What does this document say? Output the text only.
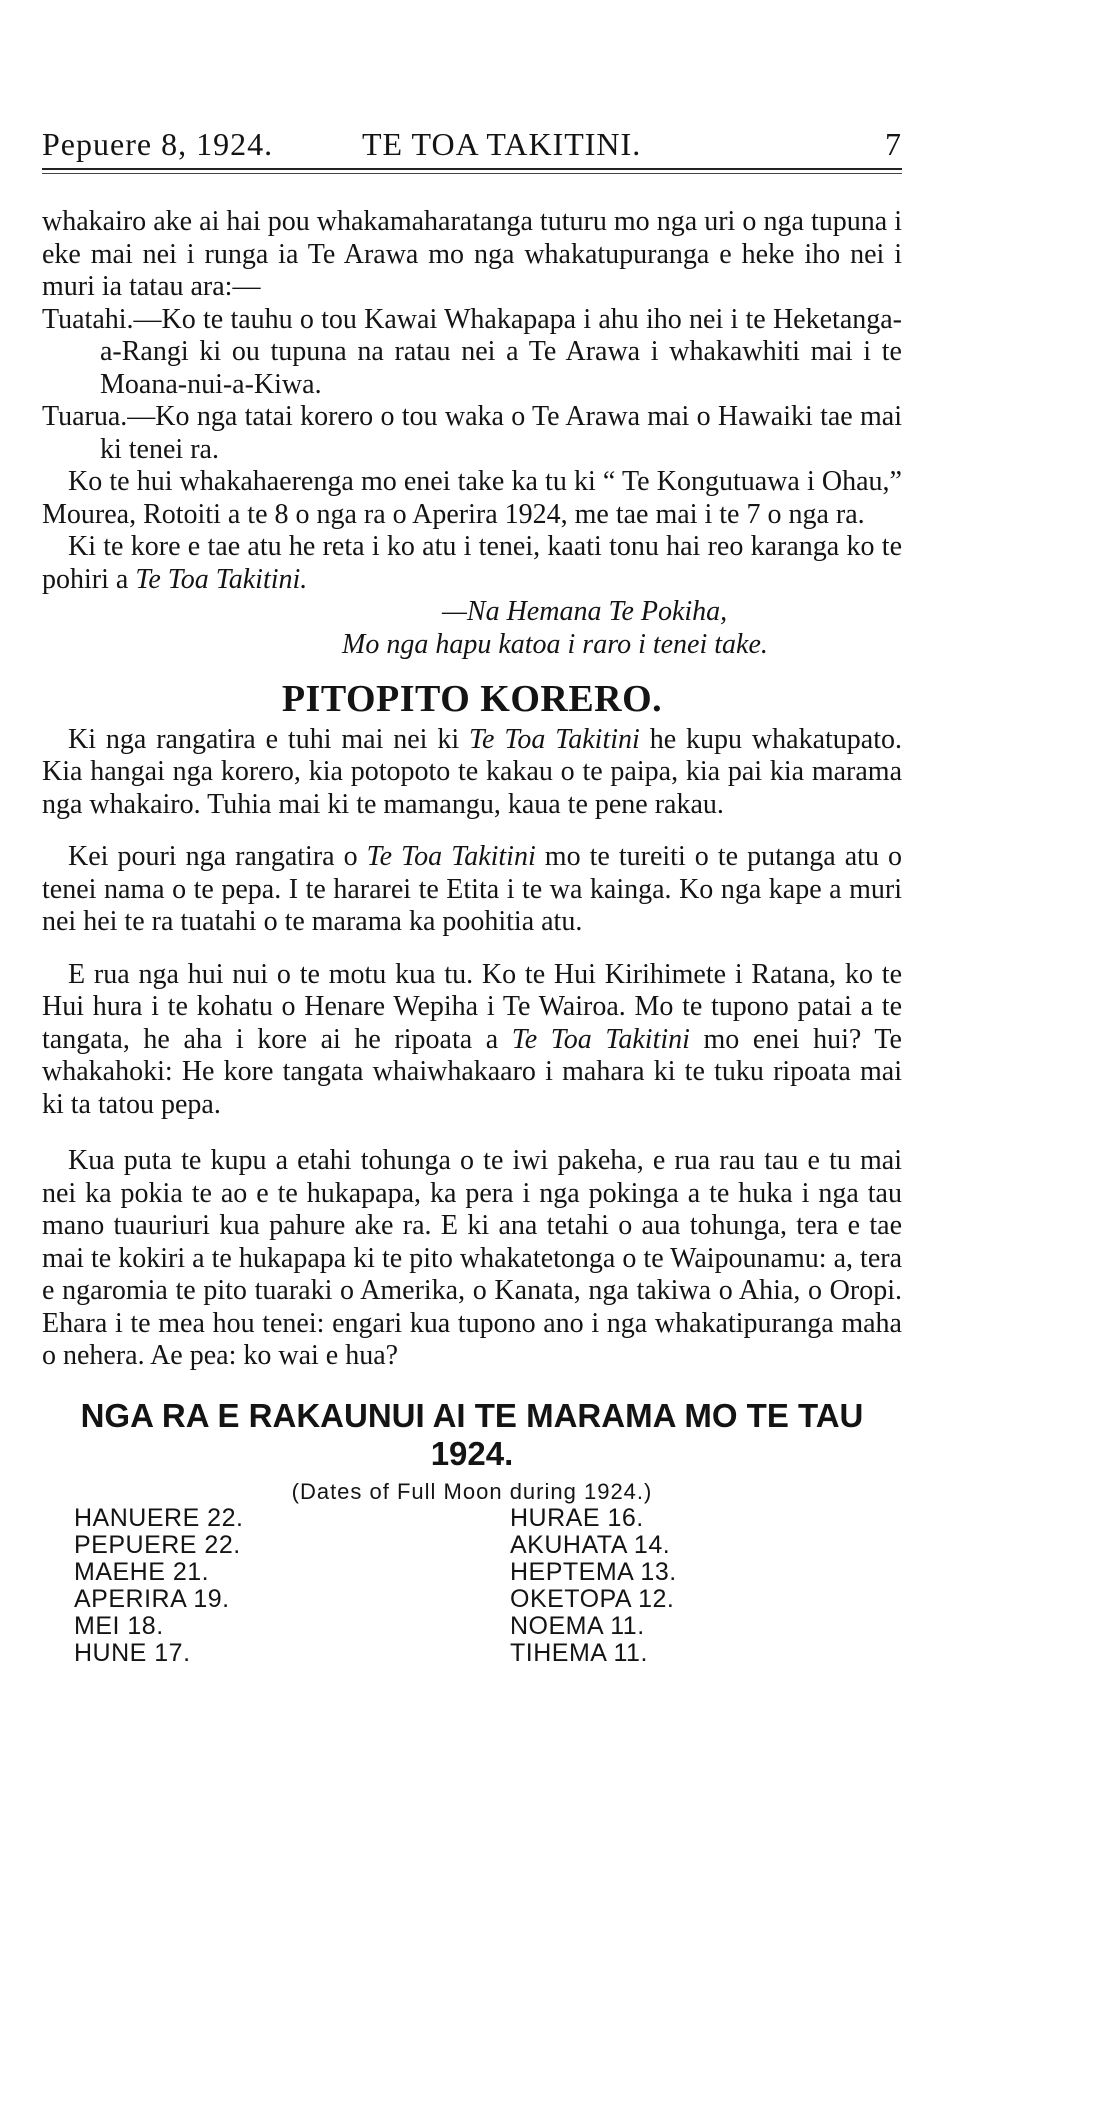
Pepuere 8, 1924.	TE TOA TAKITINI.	7

whakairo ake ai hai pou whakamaharatanga tuturu mo nga uri o nga tupuna i eke mai nei i runga ia Te Arawa mo nga whakatupuranga e heke iho nei i muri ia tatau ara:—

Tuatahi.—Ko te tauhu o tou Kawai Whakapapa i ahu iho nei i te Heketanga-a-Rangi ki ou tupuna na ratau nei a Te Arawa i whakawhiti mai i te Moana-nui-a-Kiwa.

Tuarua.—Ko nga tatai korero o tou waka o Te Arawa mai o Hawaiki tae mai ki tenei ra.

Ko te hui whakahaerenga mo enei take ka tu ki “ Te Kongutuawa i Ohau,” Mourea, Rotoiti a te 8 o nga ra o Aperira 1924, me tae mai i te 7 o nga ra.

Ki te kore e tae atu he reta i ko atu i tenei, kaati tonu hai reo karanga ko te pohiri a Te Toa Takitini.

—Na Hemana Te Pokiha,

Mo nga hapu katoa i raro i tenei take.

PITOPITO KORERO.

Ki nga rangatira e tuhi mai nei ki Te Toa Takitini he kupu whakatupato. Kia hangai nga korero, kia potopoto te kakau o te paipa, kia pai kia marama nga whakairo. Tuhia mai ki te mamangu, kaua te pene rakau.

Kei pouri nga rangatira o Te Toa Takitini mo te tureiti o te putanga atu o tenei nama o te pepa. I te hararei te Etita i te wa kainga. Ko nga kape a muri nei hei te ra tuatahi o te marama ka poohitia atu.

E rua nga hui nui o te motu kua tu. Ko te Hui Kirihimete i Ratana, ko te Hui hura i te kohatu o Henare Wepiha i Te Wairoa. Mo te tupono patai a te tangata, he aha i kore ai he ripoata a Te Toa Takitini mo enei hui? Te whakahoki: He kore tangata whaiwhakaaro i mahara ki te tuku ripoata mai ki ta tatou pepa.

Kua puta te kupu a etahi tohunga o te iwi pakeha, e rua rau tau e tu mai nei ka pokia te ao e te hukapapa, ka pera i nga pokinga a te huka i nga tau mano tuauriuri kua pahure ake ra. E ki ana tetahi o aua tohunga, tera e tae mai te kokiri a te hukapapa ki te pito whakatetonga o te Waipounamu: a, tera e ngaromia te pito tuaraki o Amerika, o Kanata, nga takiwa o Ahia, o Oropi. Ehara i te mea hou tenei: engari kua tupono ano i nga whakatipuranga maha o nehera. Ae pea: ko wai e hua?

NGA RA E RAKAUNUI AI TE MARAMA MO TE TAU
1924.
(Dates of Full Moon during 1924.)
HANUERE 22.	HURAE 16.
PEPUERE 22.	AKUHATA 14.
MAEHE 21.	HEPTEMA 13.
APERIRA 19.	OKETOPA 12.
MEI 18.	NOEMA 11.
HUNE 17.	TIHEMA 11.
